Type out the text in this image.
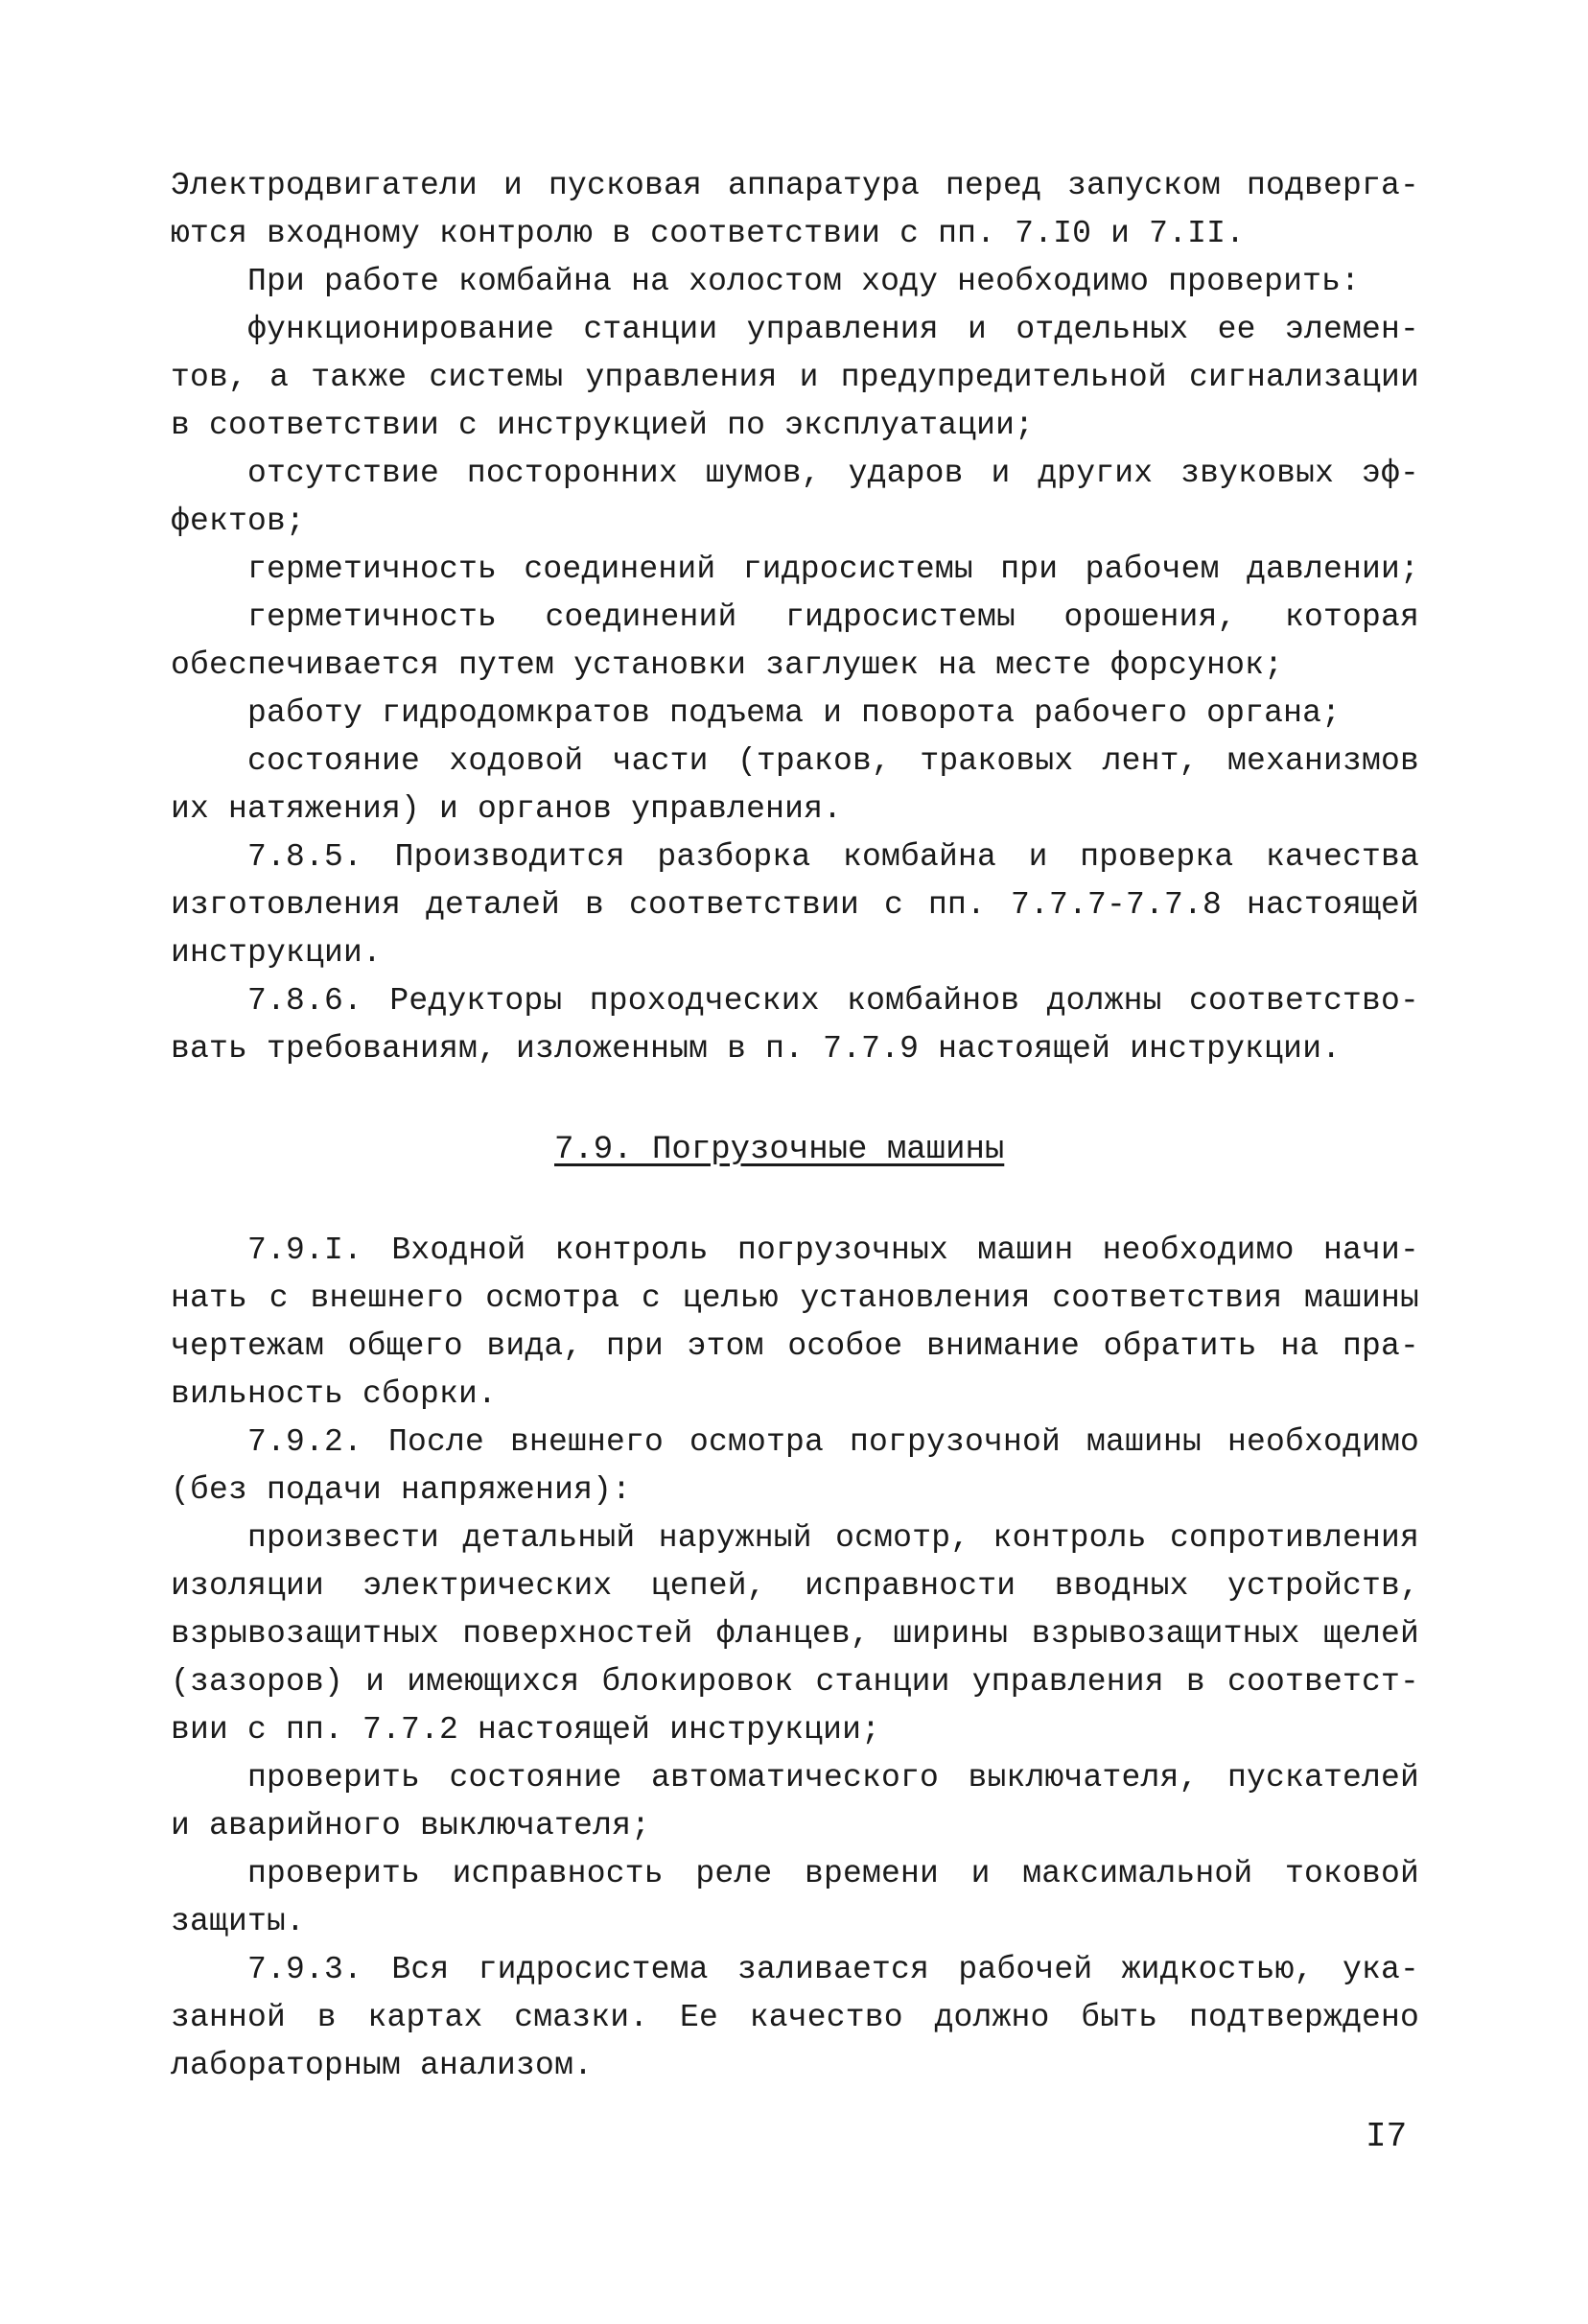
Электродвигатели и пусковая аппаратура перед запуском подверга-
ются входному контролю в соответствии с пп. 7.I0 и 7.II.
При работе комбайна на холостом ходу необходимо проверить:
функционирование станции управления и отдельных ее элемен-
тов, а также системы управления и предупредительной сигнализации
в соответствии с инструкцией по эксплуатации;
отсутствие посторонних шумов, ударов и других звуковых эф-
фектов;
герметичность соединений гидросистемы при рабочем давлении;
герметичность соединений гидросистемы орошения, которая
обеспечивается путем установки заглушек на месте форсунок;
работу гидродомкратов подъема и поворота рабочего органа;
состояние ходовой части (траков, траковых лент, механизмов
их натяжения) и органов управления.
7.8.5. Производится разборка комбайна и проверка качества
изготовления деталей в соответствии с пп. 7.7.7-7.7.8 настоящей
инструкции.
7.8.6. Редукторы проходческих комбайнов должны соответство-
вать требованиям, изложенным в п. 7.7.9 настоящей инструкции.
7.9. Погрузочные машины
7.9.I. Входной контроль погрузочных машин необходимо начи-
нать с внешнего осмотра с целью установления соответствия машины
чертежам общего вида, при этом особое внимание обратить на пра-
вильность сборки.
7.9.2. После внешнего осмотра погрузочной машины необходимо
(без подачи напряжения):
произвести детальный наружный осмотр, контроль сопротивления
изоляции электрических цепей, исправности вводных устройств,
взрывозащитных поверхностей фланцев, ширины взрывозащитных щелей
(зазоров) и имеющихся блокировок станции управления в соответст-
вии с пп. 7.7.2 настоящей инструкции;
проверить состояние автоматического выключателя, пускателей
и аварийного выключателя;
проверить исправность реле времени и максимальной токовой
защиты.
7.9.3. Вся гидросистема заливается рабочей жидкостью, ука-
занной в картах смазки. Ее качество должно быть подтверждено
лабораторным анализом.
I7
